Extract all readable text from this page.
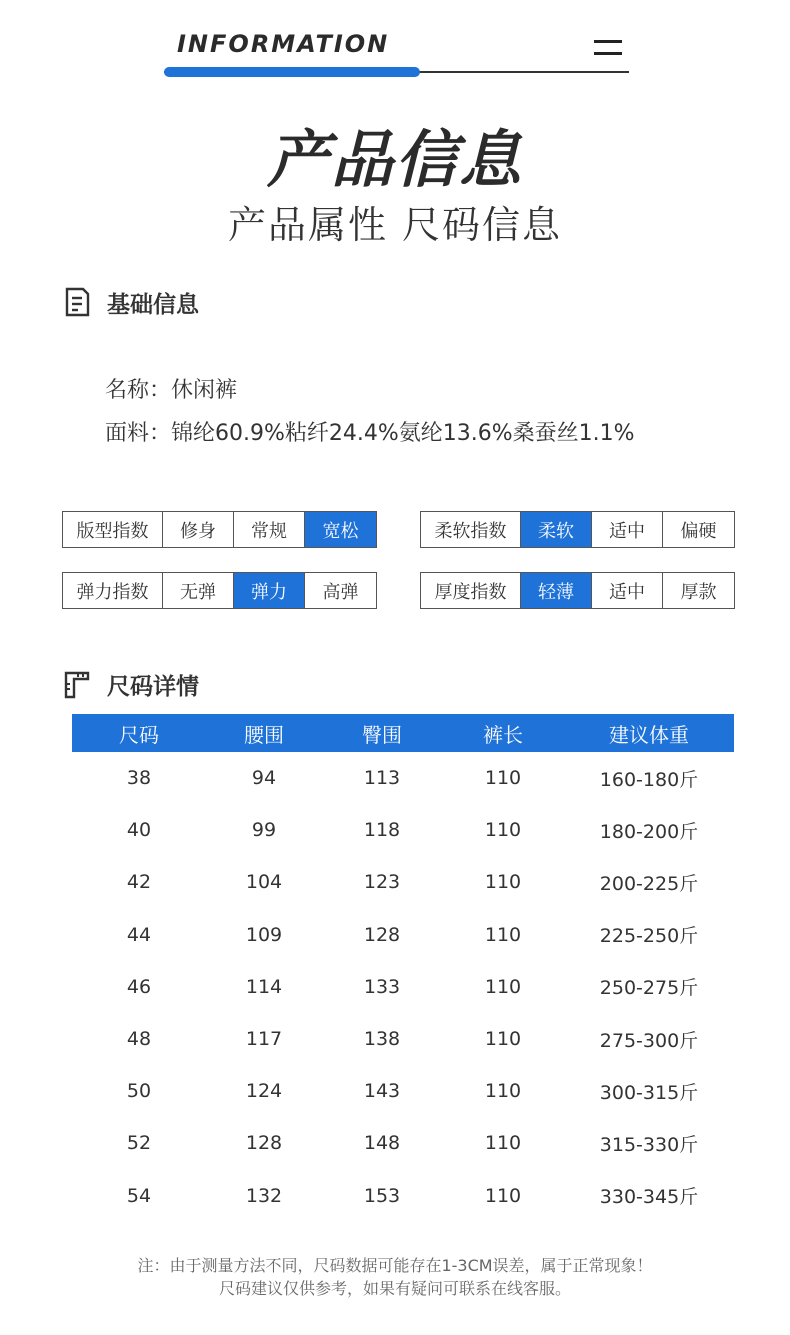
INFORMATION
产品信息
产品属性 尺码信息
基础信息
名称：休闲裤
面料：锦纶60.9%粘纤24.4%氨纶13.6%桑蚕丝1.1%
版型指数	修身	常规	宽松	柔软指数	柔软	适中	偏硬
弹力指数	无弹	弹力	高弹	厚度指数	轻薄	适中	厚款
尺码详情
尺码	腰围	臀围	裤长	建议体重
38	94	113	110	160-180斤
40	99	118	110	180-200斤
42	104	123	110	200-225斤
44	109	128	110	225-250斤
46	114	133	110	250-275斤
48	117	138	110	275-300斤
50	124	143	110	300-315斤
52	128	148	110	315-330斤
54	132	153	110	330-345斤
注：由于测量方法不同，尺码数据可能存在1-3CM误差，属于正常现象！
尺码建议仅供参考，如果有疑问可联系在线客服。
